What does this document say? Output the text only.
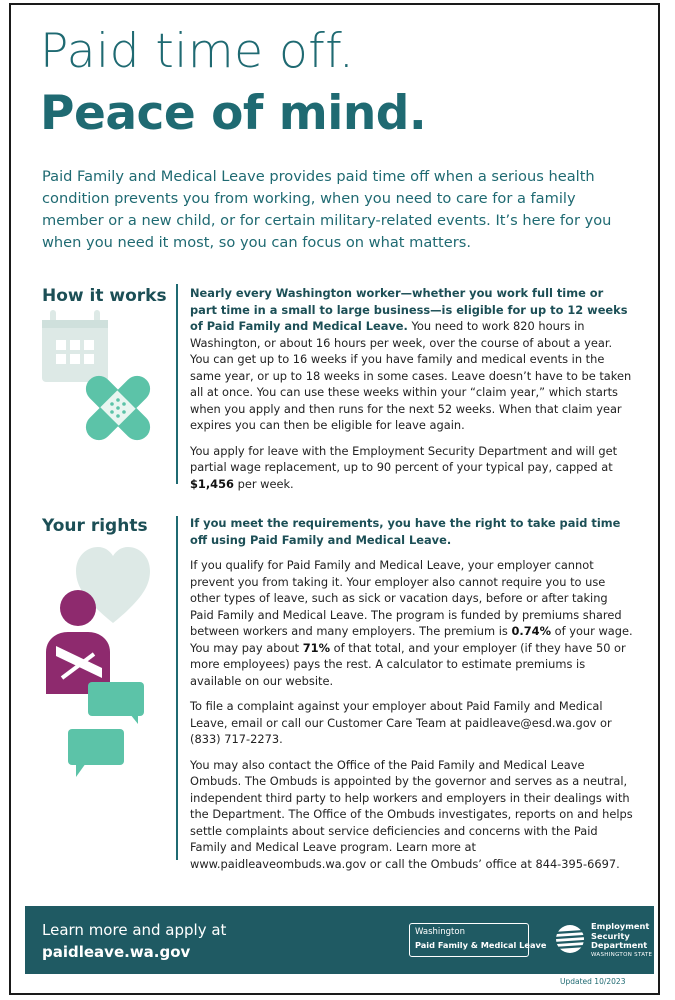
Paid time off.
Peace of mind.
Paid Family and Medical Leave provides paid time off when a serious health condition prevents you from working, when you need to care for a family member or a new child, or for certain military-related events. It’s here for you when you need it most, so you can focus on what matters.
How it works Nearly every Washington worker—whether you work full time or part time in a small to large business—is eligible for up to 12 weeks of Paid Family and Medical Leave. You need to work 820 hours in Washington, or about 16 hours per week, over the course of about a year. You can get up to 16 weeks if you have family and medical events in the same year, or up to 18 weeks in some cases. Leave doesn’t have to be taken all at once. You can use these weeks within your “claim year,” which starts when you apply and then runs for the next 52 weeks. When that claim year expires you can then be eligible for leave again.

You apply for leave with the Employment Security Department and will get partial wage replacement, up to 90 percent of your typical pay, capped at $1,456 per week.

Your rights	If you meet the requirements, you have the right to take paid time off using Paid Family and Medical Leave.

If you qualify for Paid Family and Medical Leave, your employer cannot prevent you from taking it. Your employer also cannot require you to use other types of leave, such as sick or vacation days, before or after taking Paid Family and Medical Leave. The program is funded by premiums shared between workers and many employers. The premium is 0.74% of your wage. You may pay about 71% of that total, and your employer (if they have 50 or more employees) pays the rest. A calculator to estimate premiums is available on our website.

To file a complaint against your employer about Paid Family and Medical Leave, email or call our Customer Care Team at paidleave@esd.wa.gov or (833) 717-2273.

You may also contact the Office of the Paid Family and Medical Leave Ombuds. The Ombuds is appointed by the governor and serves as a neutral, independent third party to help workers and employers in their dealings with the Department. The Office of the Ombuds investigates, reports on and helps settle complaints about service deficiencies and concerns with the Paid Family and Medical Leave program. Learn more at www.paidleaveombuds.wa.gov or call the Ombuds’ office at 844-395-6697.

Learn more and apply at
paidleave.wa.gov
Washington
Paid Family & Medical Leave
Employment
Security
Department
WASHINGTON STATE
Updated 10/2023
